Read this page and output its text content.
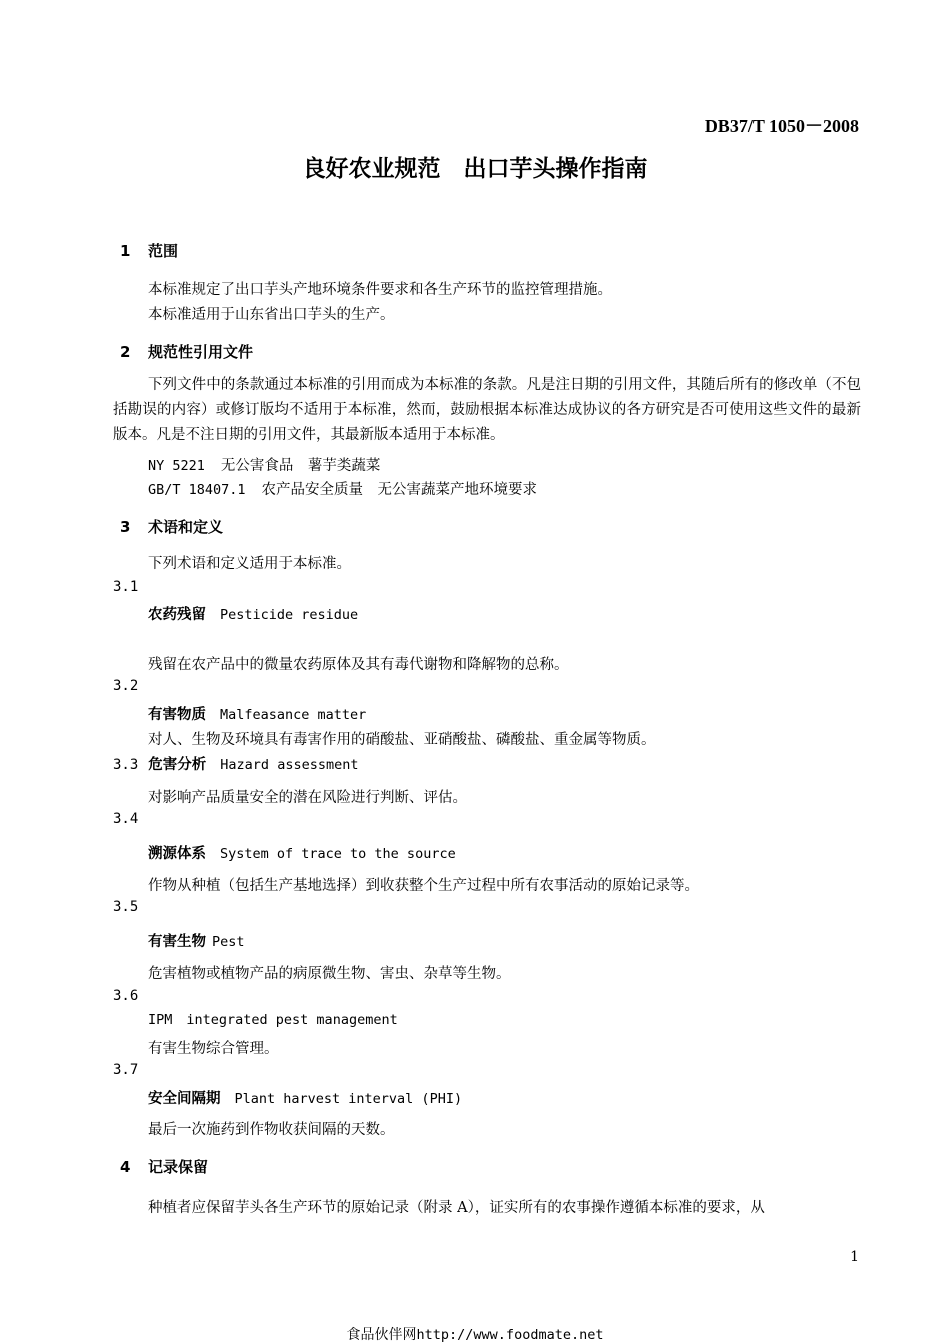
DB37/T 1050－2008
良好农业规范　出口芋头操作指南
1 范围
本标准规定了出口芋头产地环境条件要求和各生产环节的监控管理措施。
本标准适用于山东省出口芋头的生产。
2 规范性引用文件
下列文件中的条款通过本标准的引用而成为本标准的条款。凡是注日期的引用文件，其随后所有的修改单（不包括勘误的内容）或修订版均不适用于本标准，然而，鼓励根据本标准达成协议的各方研究是否可使用这些文件的最新版本。凡是不注日期的引用文件，其最新版本适用于本标准。
NY 5221 无公害食品　薯芋类蔬菜
GB/T 18407.1 农产品安全质量　无公害蔬菜产地环境要求
3 术语和定义
下列术语和定义适用于本标准。
3.1
农药残留 Pesticide residue
残留在农产品中的微量农药原体及其有毒代谢物和降解物的总称。
3.2
有害物质 Malfeasance matter
对人、生物及环境具有毒害作用的硝酸盐、亚硝酸盐、磷酸盐、重金属等物质。
3.3 危害分析 Hazard assessment
对影响产品质量安全的潜在风险进行判断、评估。
3.4
溯源体系 System of trace to the source
作物从种植（包括生产基地选择）到收获整个生产过程中所有农事活动的原始记录等。
3.5
有害生物 Pest
危害植物或植物产品的病原微生物、害虫、杂草等生物。
3.6
IPM integrated pest management
有害生物综合管理。
3.7
安全间隔期 Plant harvest interval (PHI)
最后一次施药到作物收获间隔的天数。
4 记录保留
种植者应保留芋头各生产环节的原始记录（附录 A），证实所有的农事操作遵循本标准的要求，从
1
食品伙伴网http://www.foodmate.net
